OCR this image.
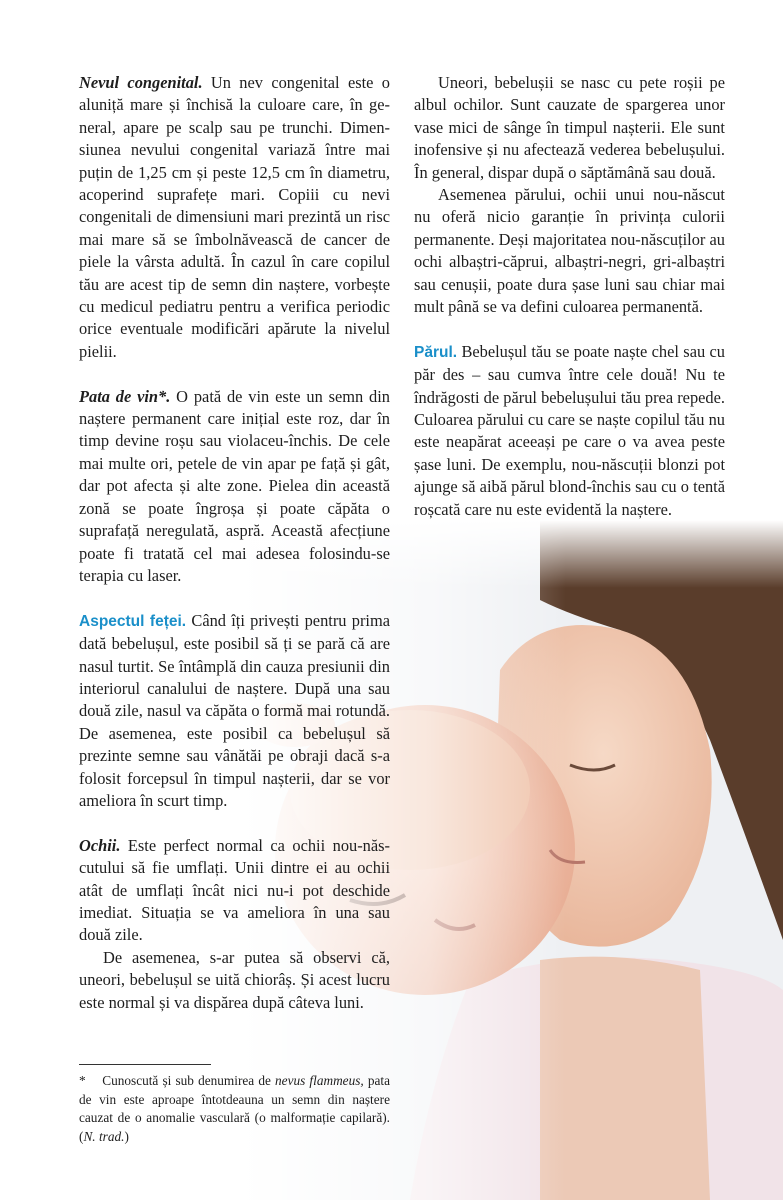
Nevul congenital. Un nev congenital este o aluniță mare și închisă la culoare care, în general, apare pe scalp sau pe trunchi. Dimensiunea nevului congenital variază între mai puțin de 1,25 cm și peste 12,5 cm în diametru, acoperind suprafețe mari. Copiii cu nevi congenitali de dimensiuni mari prezintă un risc mai mare să se îmbolnăvească de cancer de piele la vârsta adultă. În cazul în care copilul tău are acest tip de semn din naștere, vorbește cu medicul pediatru pentru a verifica periodic orice eventuale modificări apărute la nivelul pielii.

Pata de vin*. O pată de vin este un semn din naștere permanent care inițial este roz, dar în timp devine roșu sau violaceu-închis. De cele mai multe ori, petele de vin apar pe față și gât, dar pot afecta și alte zone. Pielea din această zonă se poate îngroșa și poate căpăta o suprafață neregulată, aspră. Această afecțiune poate fi tratată cel mai adesea folosindu-se terapia cu laser.

Aspectul feței. Când îți privești pentru prima dată bebelușul, este posibil să ți se pară că are nasul turtit. Se întâmplă din cauza presiunii din interiorul canalului de naștere. După una sau două zile, nasul va căpăta o formă mai rotundă. De asemenea, este posibil ca bebelușul să prezinte semne sau vânătăi pe obraji dacă s-a folosit forcepsul în timpul nașterii, dar se vor ameliora în scurt timp.

Ochii. Este perfect normal ca ochii nou-născutului să fie umflați. Unii dintre ei au ochii atât de umflați încât nici nu-i pot deschide imediat. Situația se va ameliora în una sau două zile.

De asemenea, s-ar putea să observi că, uneori, bebelușul se uită chiorâș. Și acest lucru este normal și va dispărea după câteva luni.

Uneori, bebelușii se nasc cu pete roșii pe albul ochilor. Sunt cauzate de spargerea unor vase mici de sânge în timpul nașterii. Ele sunt inofensive și nu afectează vederea bebelușului. În general, dispar după o săptămână sau două.

Asemenea părului, ochii unui nou-născut nu oferă nicio garanție în privința culorii permanente. Deși majoritatea nou-născuților au ochi albaștri-căprui, albaștri-negri, gri-albaștri sau cenușii, poate dura șase luni sau chiar mai mult până se va defini culoarea permanentă.

Părul. Bebelușul tău se poate naște chel sau cu păr des – sau cumva între cele două! Nu te îndrăgosti de părul bebelușului tău prea repede. Culoarea părului cu care se naște copilul tău nu este neapărat aceeași pe care o va avea peste șase luni. De exemplu, nou-născuții blonzi pot ajunge să aibă părul blond-închis sau cu o tentă roșcată care nu este evidentă la naștere.

* Cunoscută și sub denumirea de nevus flammeus, pata de vin este aproape întotdeauna un semn din naștere cauzat de o anomalie vasculară (o malformație capilară). (N. trad.)
